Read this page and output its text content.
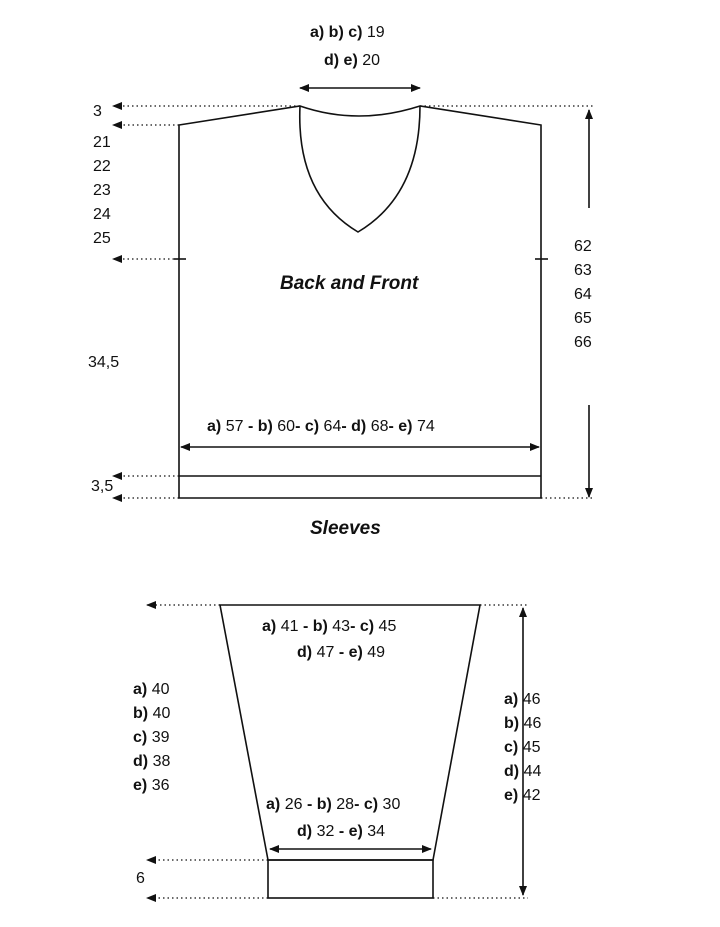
a) b) c) 19
d) e) 20
3
21
22
23
24
25
34,5
3,5
62
63
64
65
66
Back and Front
a) 57 - b) 60- c) 64- d) 68- e) 74
Sleeves
a) 41 - b) 43- c) 45
d) 47 - e) 49
a) 40
b) 40
c) 39
d) 38
e) 36
a) 46
b) 46
c) 45
d) 44
e) 42
a) 26 - b) 28- c) 30
d) 32 - e) 34
6
